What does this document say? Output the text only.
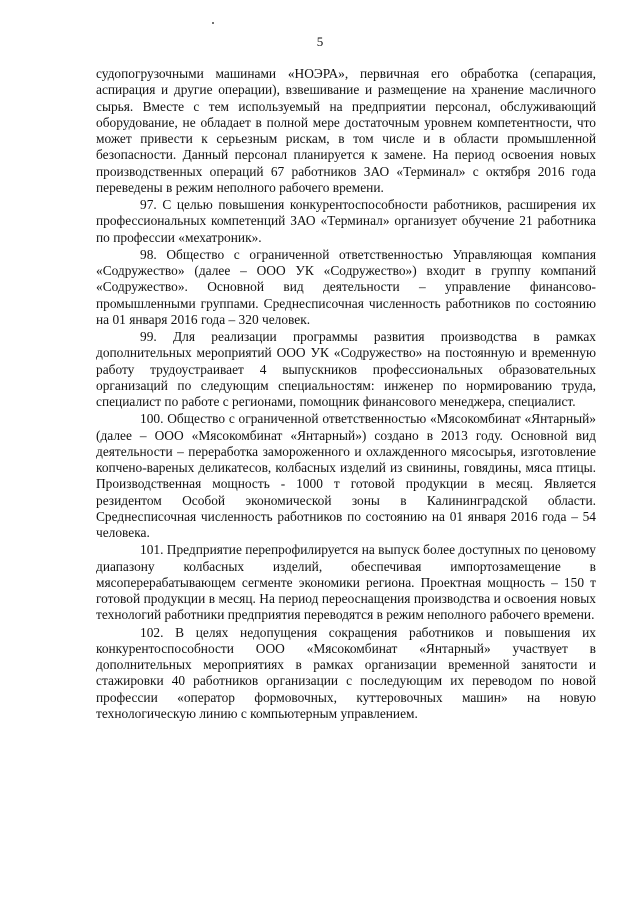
5

судопогрузочными машинами «НОЭРА», первичная его обработка (сепарация, аспирация и другие операции), взвешивание и размещение на хранение масличного сырья. Вместе с тем используемый на предприятии персонал, обслуживающий оборудование, не обладает в полной мере достаточным уровнем компетентности, что может привести к серьезным рискам, в том числе и в области промышленной безопасности. Данный персонал планируется к замене. На период освоения новых производственных операций 67 работников ЗАО «Терминал» с октября 2016 года переведены в режим неполного рабочего времени.

97. С целью повышения конкурентоспособности работников, расширения их профессиональных компетенций ЗАО «Терминал» организует обучение 21 работника по профессии «мехатроник».

98. Общество с ограниченной ответственностью Управляющая компания «Содружество» (далее – ООО УК «Содружество») входит в группу компаний «Содружество». Основной вид деятельности – управление финансово-промышленными группами. Среднесписочная численность работников по состоянию на 01 января 2016 года – 320 человек.

99. Для реализации программы развития производства в рамках дополнительных мероприятий ООО УК «Содружество» на постоянную и временную работу трудоустраивает 4 выпускников профессиональных образовательных организаций по следующим специальностям: инженер по нормированию труда, специалист по работе с регионами, помощник финансового менеджера, специалист.

100. Общество с ограниченной ответственностью «Мясокомбинат «Янтарный» (далее – ООО «Мясокомбинат «Янтарный») создано в 2013 году. Основной вид деятельности – переработка замороженного и охлажденного мясосырья, изготовление копчено-вареных деликатесов, колбасных изделий из свинины, говядины, мяса птицы. Производственная мощность - 1000 т готовой продукции в месяц. Является резидентом Особой экономической зоны в Калининградской области. Среднесписочная численность работников по состоянию на 01 января 2016 года – 54 человека.

101. Предприятие перепрофилируется на выпуск более доступных по ценовому диапазону колбасных изделий, обеспечивая импортозамещение в мясоперерабатывающем сегменте экономики региона. Проектная мощность – 150 т готовой продукции в месяц. На период переоснащения производства и освоения новых технологий работники предприятия переводятся в режим неполного рабочего времени.

102. В целях недопущения сокращения работников и повышения их конкурентоспособности ООО «Мясокомбинат «Янтарный» участвует в дополнительных мероприятиях в рамках организации временной занятости и стажировки 40 работников организации с последующим их переводом по новой профессии «оператор формовочных, куттеровочных машин» на новую технологическую линию с компьютерным управлением.
